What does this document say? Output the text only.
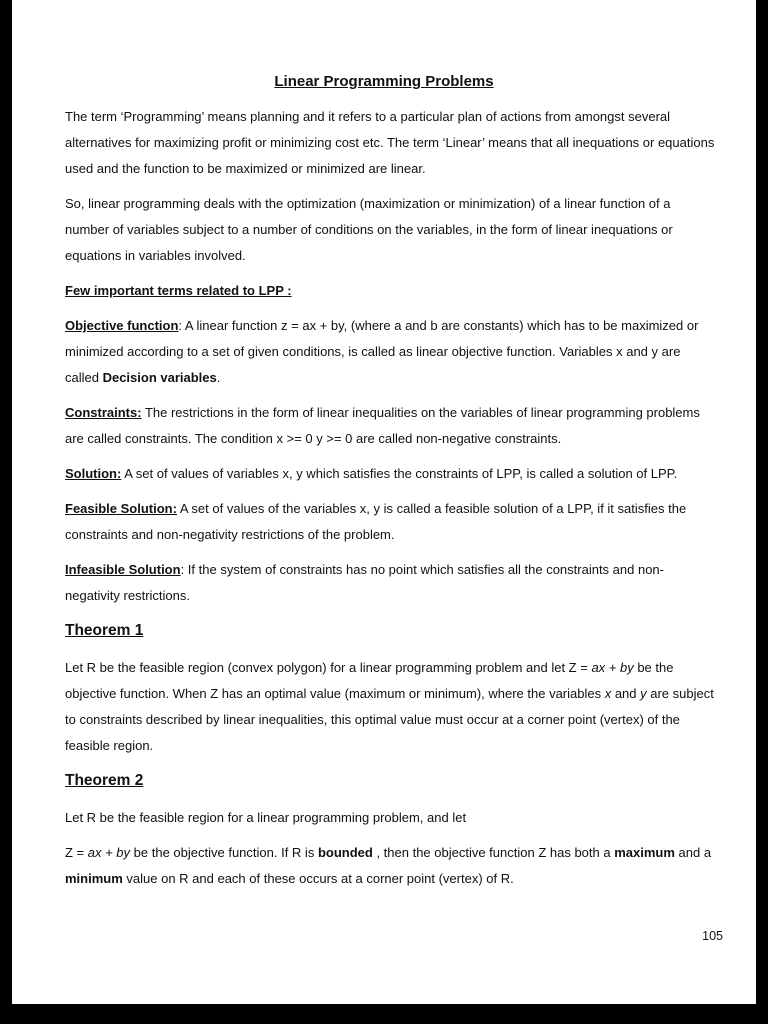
Linear Programming Problems

The term ‘Programming’ means planning and it refers to a particular plan of actions from amongst several alternatives for maximizing profit or minimizing cost etc. The term ‘Linear’ means that all inequations or equations used and the function to be maximized or minimized are linear.

So, linear programming deals with the optimization (maximization or minimization) of a linear function of a number of variables subject to a number of conditions on the variables, in the form of linear inequations or equations in variables involved.

Few important terms related to LPP :

Objective function: A linear function z = ax + by, (where a and b are constants) which has to be maximized or minimized according to a set of given conditions, is called as linear objective function. Variables x and y are called Decision variables.

Constraints: The restrictions in the form of linear inequalities on the variables of linear programming problems are called constraints. The condition x >= 0 y >= 0 are called non-negative constraints.

Solution: A set of values of variables x, y which satisfies the constraints of LPP, is called a solution of LPP.

Feasible Solution: A set of values of the variables x, y is called a feasible solution of a LPP, if it satisfies the constraints and non-negativity restrictions of the problem.

Infeasible Solution: If the system of constraints has no point which satisfies all the constraints and non-negativity restrictions.

Theorem 1

Let R be the feasible region (convex polygon) for a linear programming problem and let Z = ax + by be the objective function. When Z has an optimal value (maximum or minimum), where the variables x and y are subject to constraints described by linear inequalities, this optimal value must occur at a corner point (vertex) of the feasible region.

Theorem 2

Let R be the feasible region for a linear programming problem, and let

Z = ax + by be the objective function. If R is bounded , then the objective function Z has both a maximum and a minimum value on R and each of these occurs at a corner point (vertex) of R.

105
